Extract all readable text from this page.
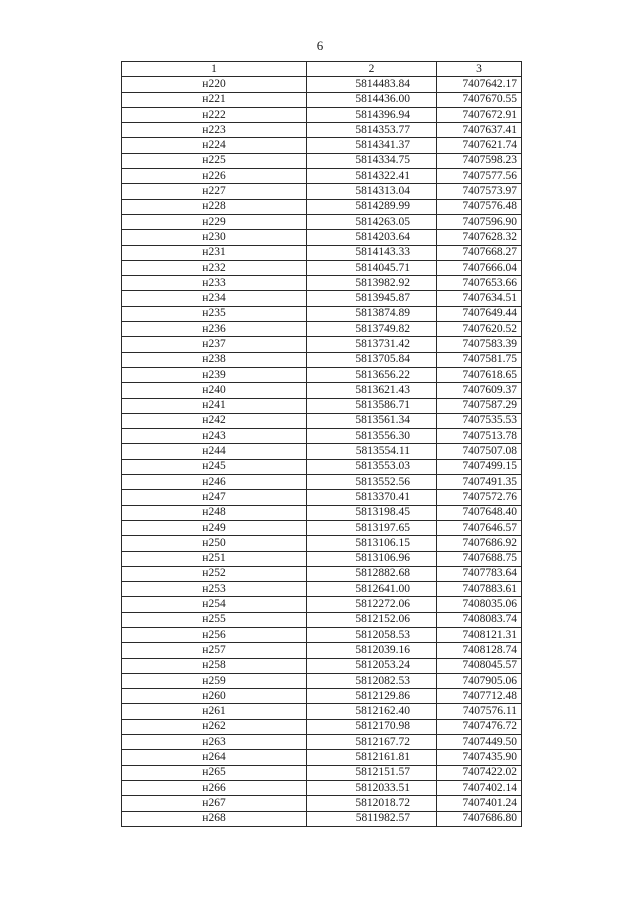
6
1	2	3
н220	5814483.84	7407642.17
н221	5814436.00	7407670.55
н222	5814396.94	7407672.91
н223	5814353.77	7407637.41
н224	5814341.37	7407621.74
н225	5814334.75	7407598.23
н226	5814322.41	7407577.56
н227	5814313.04	7407573.97
н228	5814289.99	7407576.48
н229	5814263.05	7407596.90
н230	5814203.64	7407628.32
н231	5814143.33	7407668.27
н232	5814045.71	7407666.04
н233	5813982.92	7407653.66
н234	5813945.87	7407634.51
н235	5813874.89	7407649.44
н236	5813749.82	7407620.52
н237	5813731.42	7407583.39
н238	5813705.84	7407581.75
н239	5813656.22	7407618.65
н240	5813621.43	7407609.37
н241	5813586.71	7407587.29
н242	5813561.34	7407535.53
н243	5813556.30	7407513.78
н244	5813554.11	7407507.08
н245	5813553.03	7407499.15
н246	5813552.56	7407491.35
н247	5813370.41	7407572.76
н248	5813198.45	7407648.40
н249	5813197.65	7407646.57
н250	5813106.15	7407686.92
н251	5813106.96	7407688.75
н252	5812882.68	7407783.64
н253	5812641.00	7407883.61
н254	5812272.06	7408035.06
н255	5812152.06	7408083.74
н256	5812058.53	7408121.31
н257	5812039.16	7408128.74
н258	5812053.24	7408045.57
н259	5812082.53	7407905.06
н260	5812129.86	7407712.48
н261	5812162.40	7407576.11
н262	5812170.98	7407476.72
н263	5812167.72	7407449.50
н264	5812161.81	7407435.90
н265	5812151.57	7407422.02
н266	5812033.51	7407402.14
н267	5812018.72	7407401.24
н268	5811982.57	7407686.80
